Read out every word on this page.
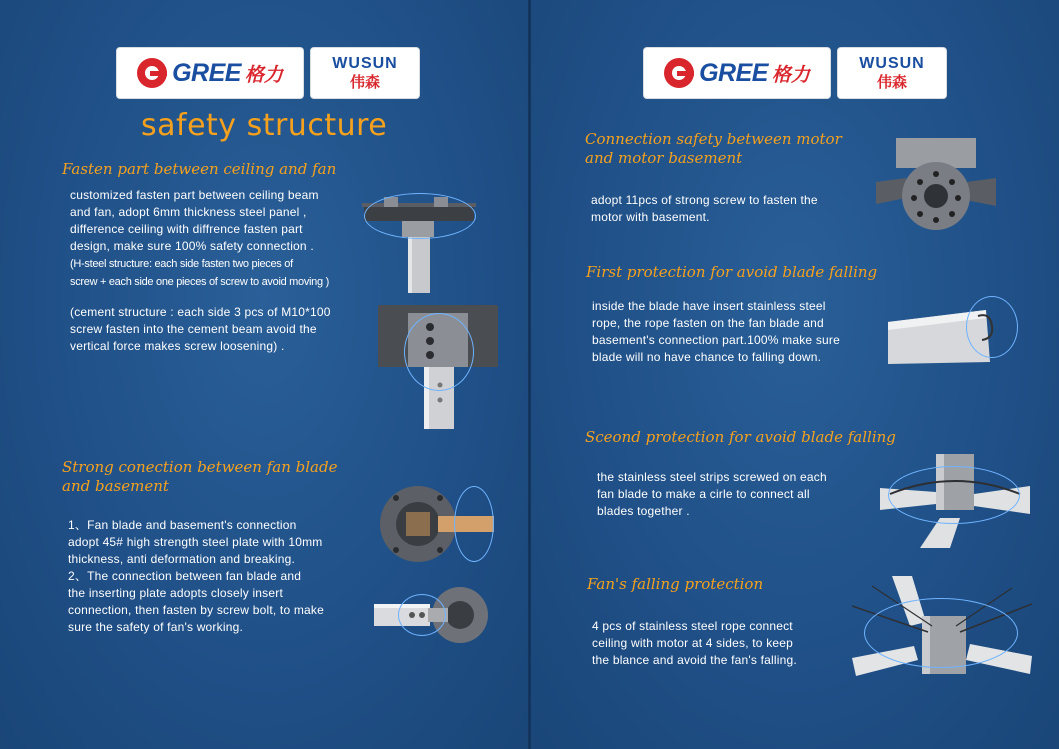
GREE 格力	WUSUN
伟森	GREE 格力	WUSUN
伟森
safety structure
Fasten part between ceiling and fan
customized fasten part between ceiling beam
and fan, adopt 6mm thickness steel panel ,
difference ceiling with diffrence fasten part
design, make sure 100% safety connection .
(H-steel structure: each side fasten two pieces of
screw + each side one pieces of screw to avoid moving )

(cement structure : each side 3 pcs of M10*100
screw fasten into the cement beam avoid the
vertical force makes screw loosening) .
Strong conection between fan blade
and basement
1、Fan blade and basement's connection
adopt 45# high strength steel plate with 10mm
thickness, anti deformation and breaking.
2、The connection between fan blade and
the inserting plate adopts closely insert
connection, then fasten by screw bolt, to make
sure the safety of fan's working.
Connection safety between motor
and motor basement
adopt 11pcs of strong screw to fasten the
motor with basement.
First protection for avoid blade falling
inside the blade have insert stainless steel
rope, the rope fasten on the fan blade and
basement's connection part.100% make sure
blade will no have chance to falling down.
Sceond protection for avoid blade falling
the stainless steel strips screwed on each
fan blade to make a cirle to connect all
blades together .
Fan's falling protection
4 pcs of stainless steel rope connect
ceiling with motor at 4 sides, to keep
the blance and avoid the fan's falling.
